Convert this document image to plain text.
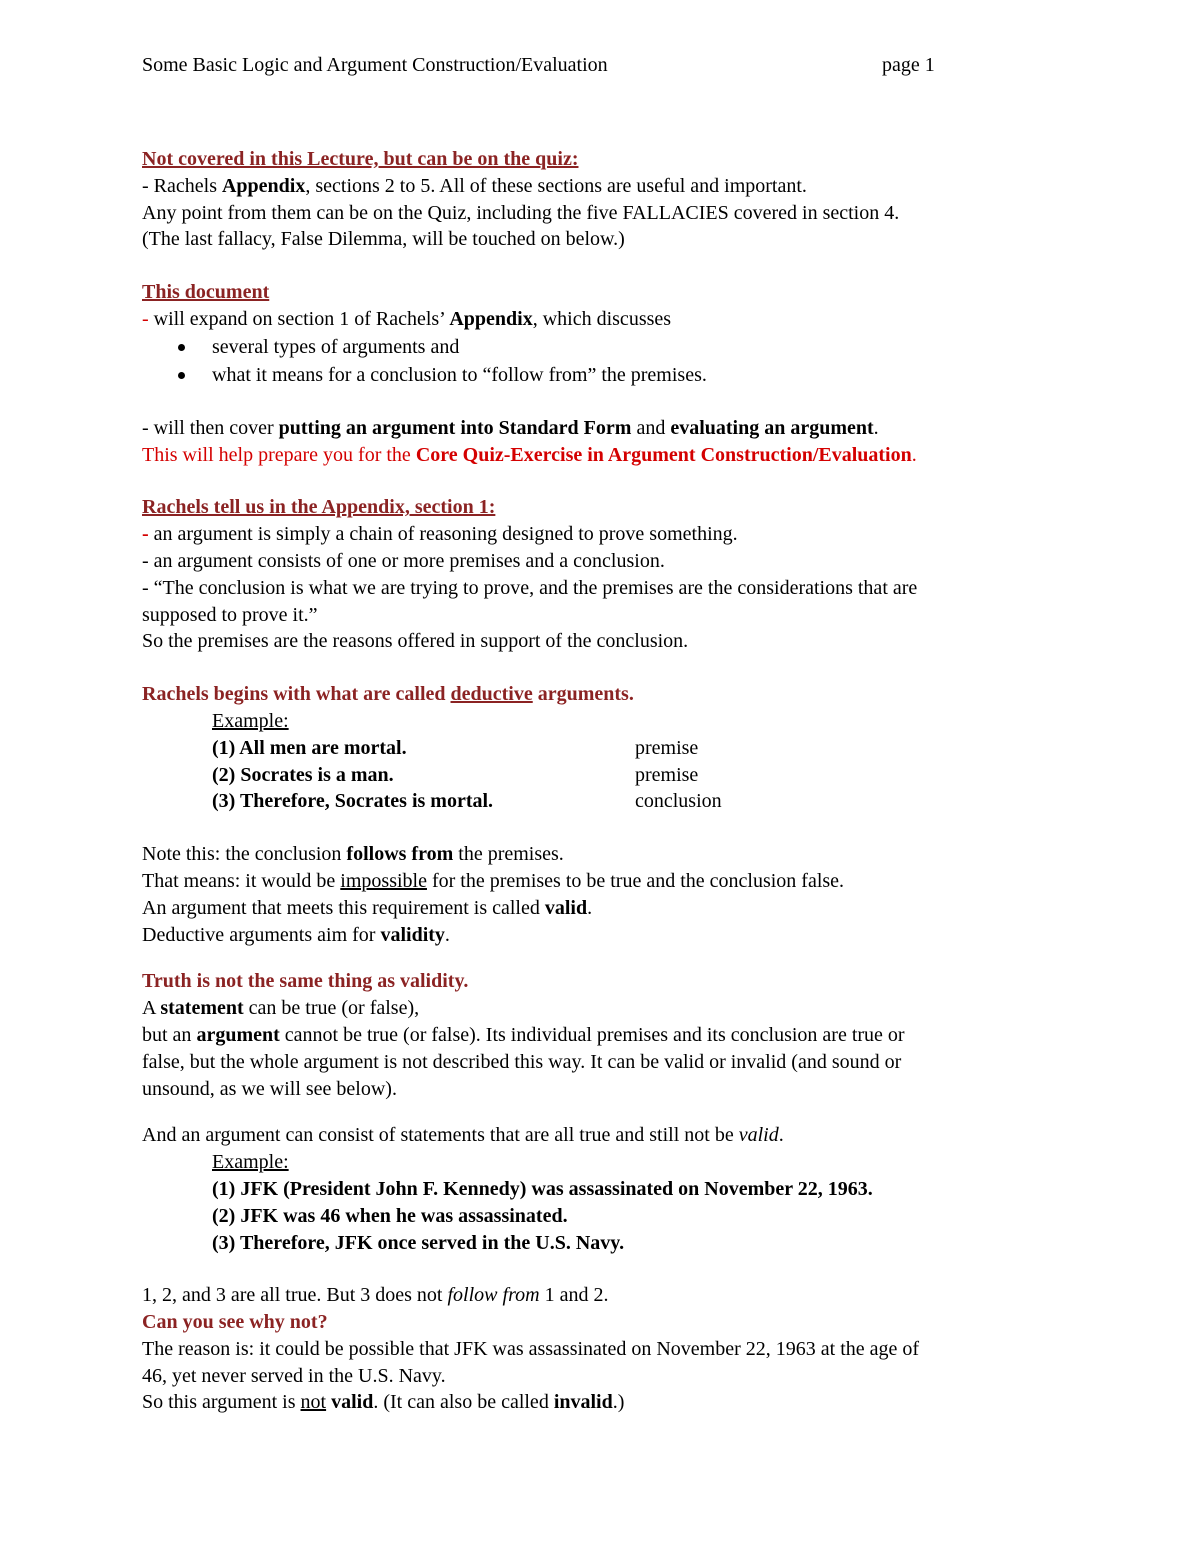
Some Basic Logic and Argument Construction/Evaluation	page 1

Not covered in this Lecture, but can be on the quiz:

- Rachels Appendix, sections 2 to 5. All of these sections are useful and important.

Any point from them can be on the Quiz, including the five FALLACIES covered in section 4.

(The last fallacy, False Dilemma, will be touched on below.)

This document

- will expand on section 1 of Rachels’ Appendix, which discusses

several types of arguments and
what it means for a conclusion to “follow from” the premises.

- will then cover putting an argument into Standard Form and evaluating an argument.

This will help prepare you for the Core Quiz-Exercise in Argument Construction/Evaluation.

Rachels tell us in the Appendix, section 1:

- an argument is simply a chain of reasoning designed to prove something.

- an argument consists of one or more premises and a conclusion.

- “The conclusion is what we are trying to prove, and the premises are the considerations that are

supposed to prove it.”

So the premises are the reasons offered in support of the conclusion.

Rachels begins with what are called deductive arguments.

Example:

(1) All men are mortal.	premise
(2) Socrates is a man.	premise
(3) Therefore, Socrates is mortal.	conclusion

Note this: the conclusion follows from the premises.

That means: it would be impossible for the premises to be true and the conclusion false.

An argument that meets this requirement is called valid.

Deductive arguments aim for validity.

Truth is not the same thing as validity.

A statement can be true (or false),

but an argument cannot be true (or false). Its individual premises and its conclusion are true or

false, but the whole argument is not described this way. It can be valid or invalid (and sound or

unsound, as we will see below).

And an argument can consist of statements that are all true and still not be valid.

Example:

(1) JFK (President John F. Kennedy) was assassinated on November 22, 1963.

(2) JFK was 46 when he was assassinated.

(3) Therefore, JFK once served in the U.S. Navy.

1, 2, and 3 are all true. But 3 does not follow from 1 and 2.

Can you see why not?

The reason is: it could be possible that JFK was assassinated on November 22, 1963 at the age of

46, yet never served in the U.S. Navy.

So this argument is not valid. (It can also be called invalid.)
